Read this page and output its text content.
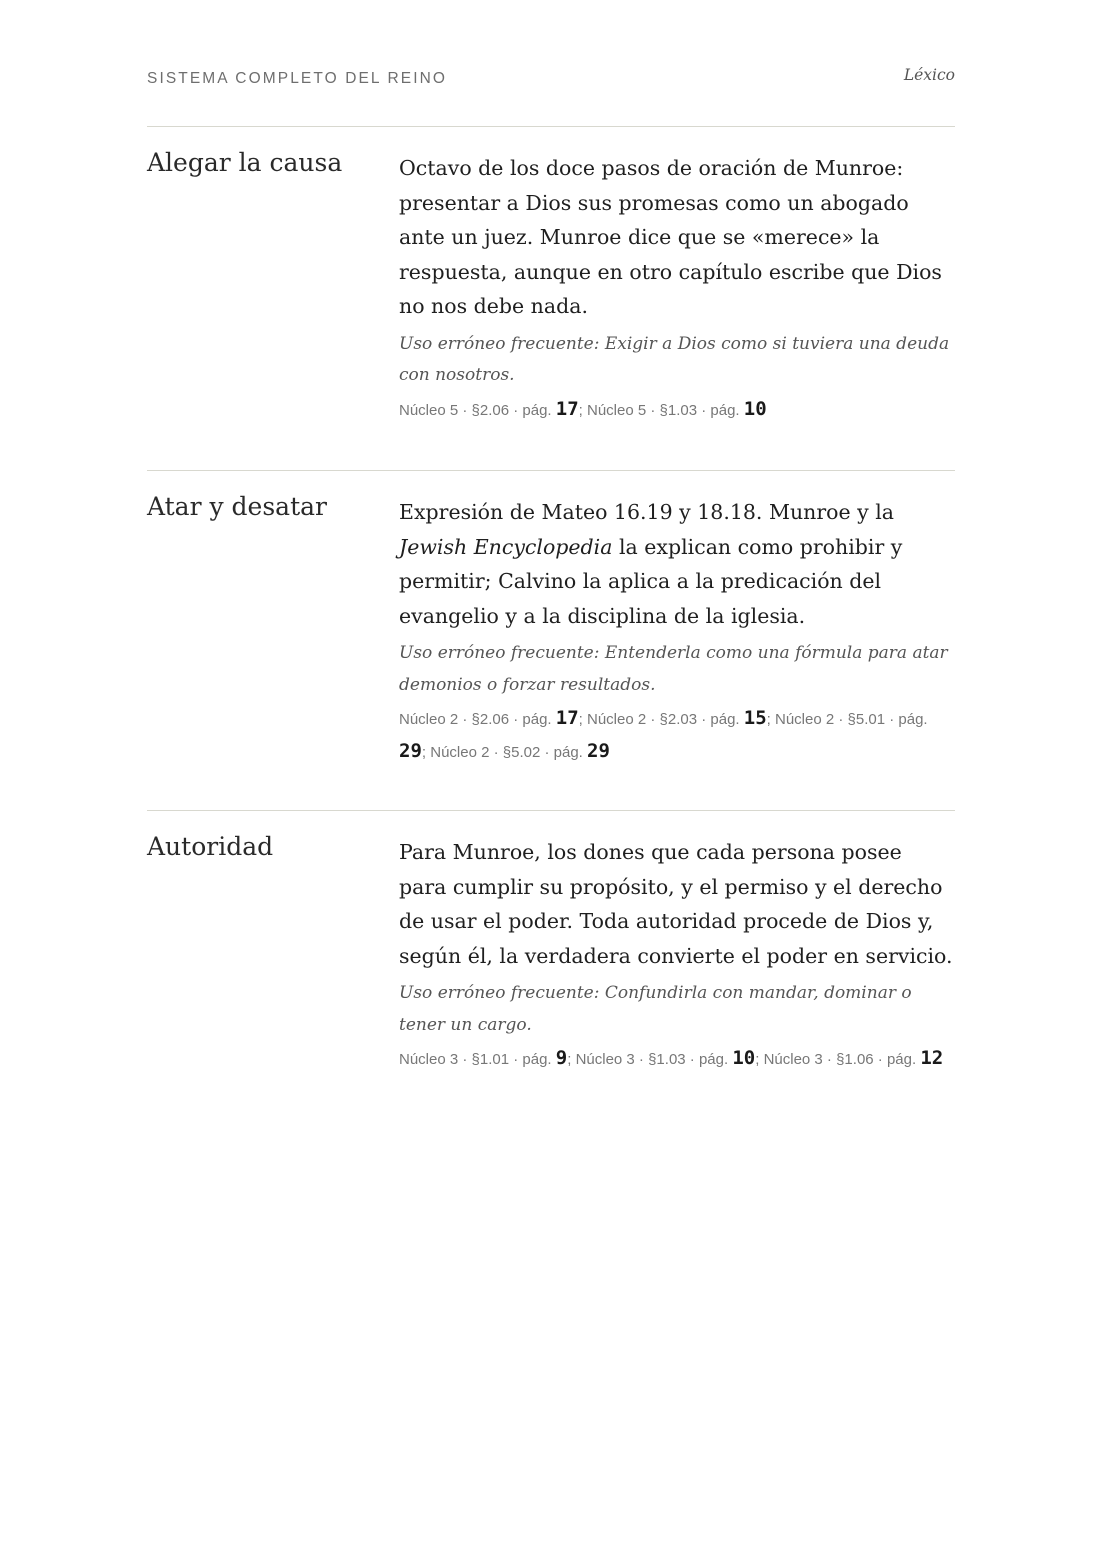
SISTEMA COMPLETO DEL REINO	Léxico
Alegar la causa	Octavo de los doce pasos de oración de Munroe: presentar a Dios sus promesas como un abogado ante un juez. Munroe dice que se «merece» la respuesta, aunque en otro capítulo escribe que Dios no nos debe nada.

Uso erróneo frecuente: Exigir a Dios como si tuviera una deuda con nosotros.

Núcleo 5 · §2.06 · pág. 17; Núcleo 5 · §1.03 · pág. 10

Atar y desatar	Expresión de Mateo 16.19 y 18.18. Munroe y la Jewish Encyclopedia la explican como prohibir y permitir; Calvino la aplica a la predicación del evangelio y a la disciplina de la iglesia.

Uso erróneo frecuente: Entenderla como una fórmula para atar demonios o forzar resultados.

Núcleo 2 · §2.06 · pág. 17; Núcleo 2 · §2.03 · pág. 15; Núcleo 2 · §5.01 · pág. 29; Núcleo 2 · §5.02 · pág. 29

Autoridad	Para Munroe, los dones que cada persona posee para cumplir su propósito, y el permiso y el derecho de usar el poder. Toda autoridad procede de Dios y, según él, la verdadera convierte el poder en servicio.

Uso erróneo frecuente: Confundirla con mandar, dominar o tener un cargo.

Núcleo 3 · §1.01 · pág. 9; Núcleo 3 · §1.03 · pág. 10; Núcleo 3 · §1.06 · pág. 12
